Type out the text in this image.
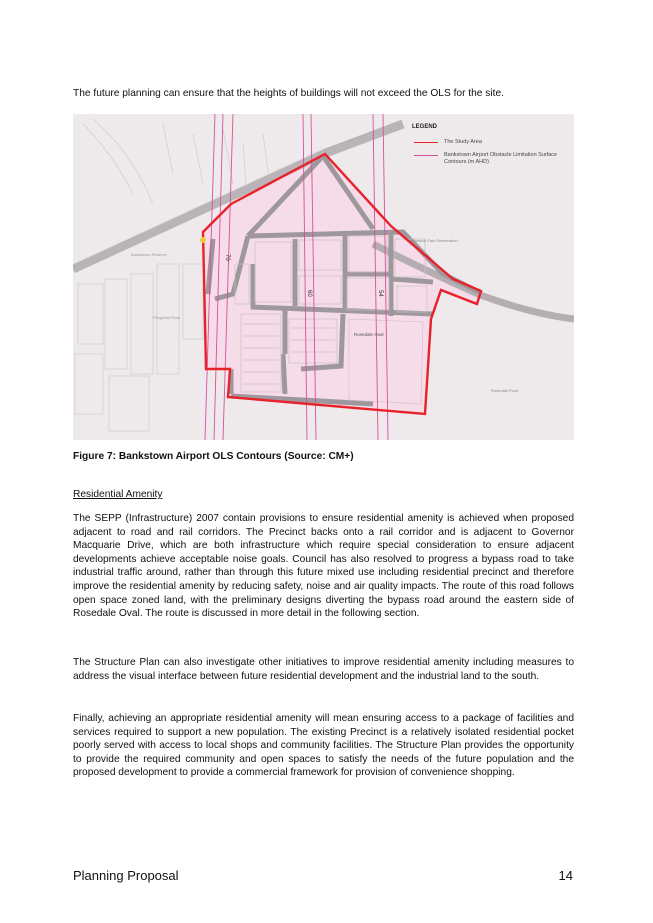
The future planning can ensure that the heights of buildings will not exceed the OLS for the site.
70
60	54
Rosedale Oval
Warwick Park Reservation
Rosedale Pond
Bankstown Reserve
Fitzgerald Park
LEGEND
The Study Area
Bankstown Airport Obstacle Limitation Surface Contours (m AHD)
Figure 7: Bankstown Airport OLS Contours (Source: CM+)
Residential Amenity

The SEPP (Infrastructure) 2007 contain provisions to ensure residential amenity is achieved when proposed adjacent to road and rail corridors. The Precinct backs onto a rail corridor and is adjacent to Governor Macquarie Drive, which are both infrastructure which require special consideration to ensure adjacent developments achieve acceptable noise goals. Council has also resolved to progress a bypass road to take industrial traffic around, rather than through this future mixed use including residential precinct and therefore improve the residential amenity by reducing safety, noise and air quality impacts. The route of this road follows open space zoned land, with the preliminary designs diverting the bypass road around the eastern side of Rosedale Oval. The route is discussed in more detail in the following section.

The Structure Plan can also investigate other initiatives to improve residential amenity including measures to address the visual interface between future residential development and the industrial land to the south.

Finally, achieving an appropriate residential amenity will mean ensuring access to a package of facilities and services required to support a new population. The existing Precinct is a relatively isolated residential pocket poorly served with access to local shops and community facilities. The Structure Plan provides the opportunity to provide the required community and open spaces to satisfy the needs of the future population and the proposed development to provide a commercial framework for provision of convenience shopping.

Planning Proposal	14
